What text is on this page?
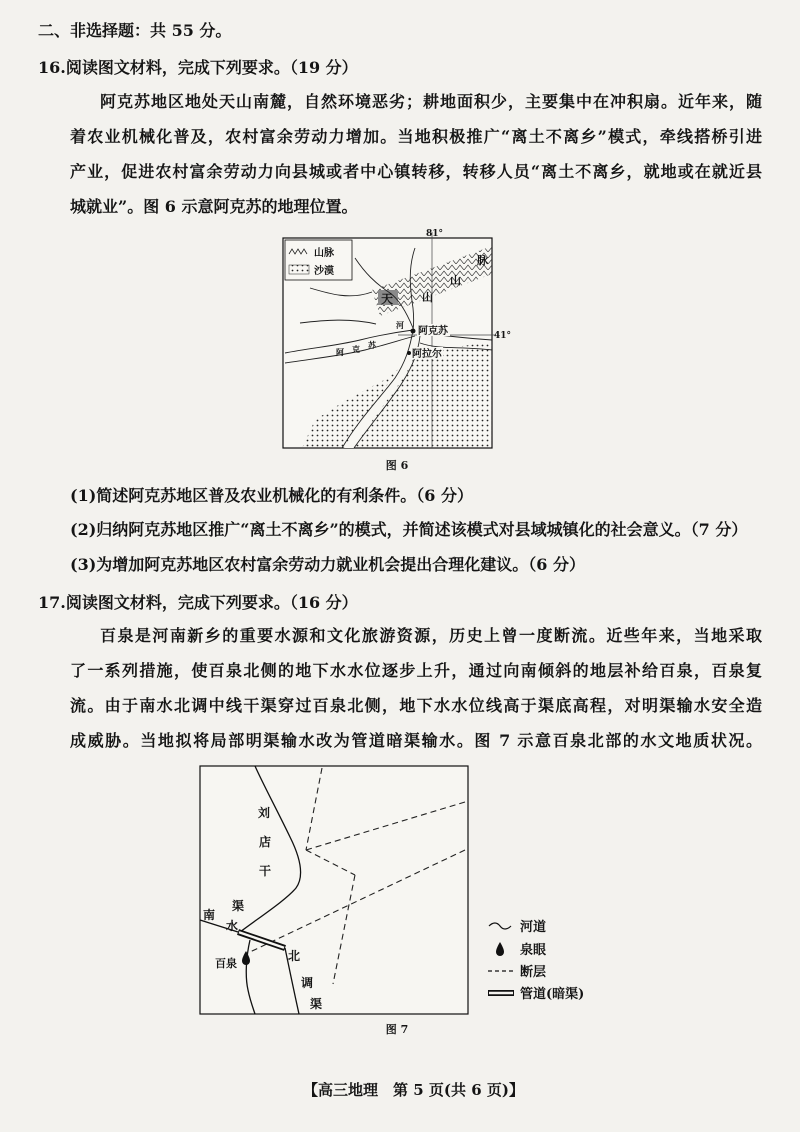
二、非选择题：共 55 分。
16.阅读图文材料，完成下列要求。（19 分）
阿克苏地区地处天山南麓，自然环境恶劣；耕地面积少，主要集中在冲积扇。近年来，随
着农业机械化普及，农村富余劳动力增加。当地积极推广“离土不离乡”模式，牵线搭桥引进
产业，促进农村富余劳动力向县城或者中心镇转移，转移人员“离土不离乡，就地或在就近县
城就业”。图 6 示意阿克苏的地理位置。
81°
41°
山脉
沙漠
天	山
山
脉
阿克苏
阿拉尔
阿 克 苏
河
图 6
(1)简述阿克苏地区普及农业机械化的有利条件。（6 分）
(2)归纳阿克苏地区推广“离土不离乡”的模式，并简述该模式对县域城镇化的社会意义。（7 分）
(3)为增加阿克苏地区农村富余劳动力就业机会提出合理化建议。（6 分）
17.阅读图文材料，完成下列要求。（16 分）
百泉是河南新乡的重要水源和文化旅游资源，历史上曾一度断流。近些年来，当地采取
了一系列措施，使百泉北侧的地下水水位逐步上升，通过向南倾斜的地层补给百泉，百泉复
流。由于南水北调中线干渠穿过百泉北侧，地下水水位线高于渠底高程，对明渠输水安全造
成威胁。当地拟将局部明渠输水改为管道暗渠输水。图 7 示意百泉北部的水文地质状况。
刘
店
干
渠
南
水
北
调
渠
百泉
河道
泉眼
断层
管道(暗渠)
图 7
【高三地理　第 5 页(共 6 页)】
